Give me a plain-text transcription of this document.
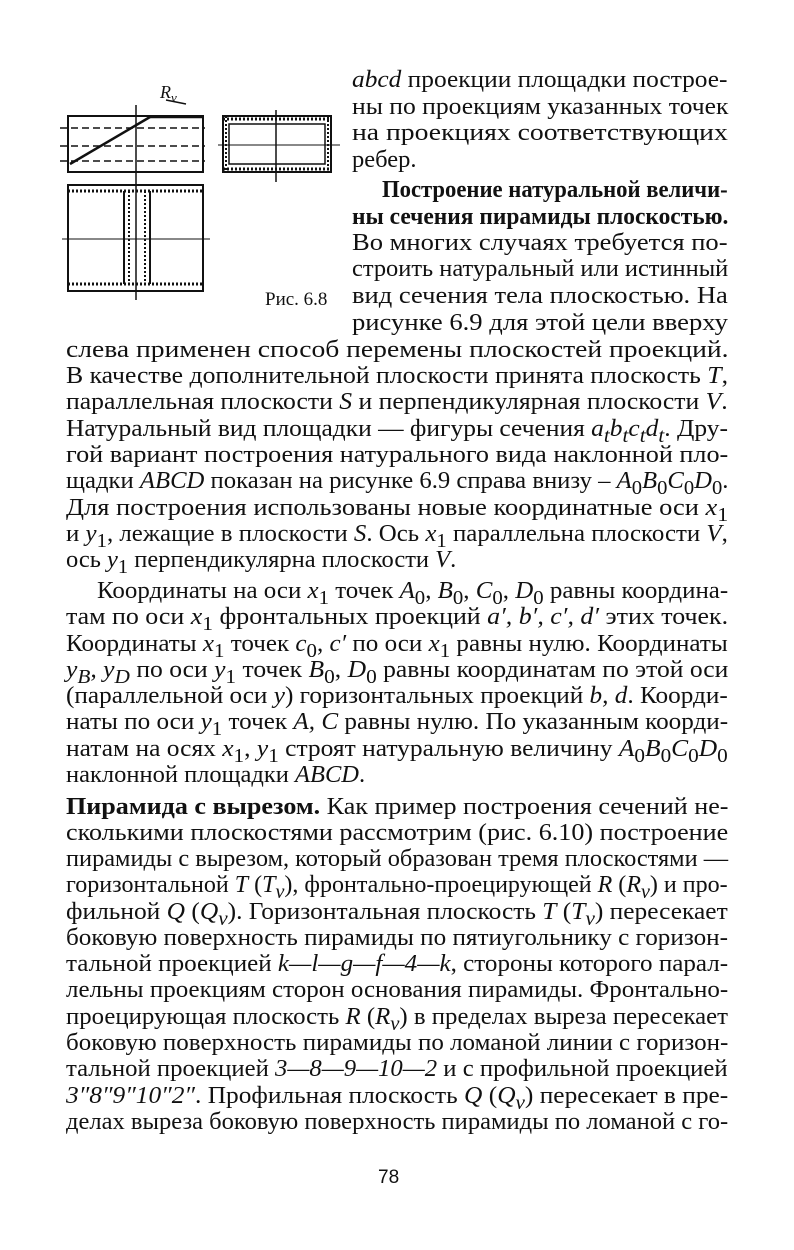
$R_v$
Рис. 6.8
abcd проекции площадки построе-
ны по проекциям указанных точек
на проекциях соответствующих
ребер.
Построение натуральной величи-
ны сечения пирамиды плоскостью.
Во многих случаях требуется по-
строить натуральный или истинный
вид сечения тела плоскостью. На
рисунке 6.9 для этой цели вверху
слева применен способ перемены плоскостей проекций.
В качестве дополнительной плоскости принята плоскость Т,
параллельная плоскости S и перпендикулярная плоскости V.
Натуральный вид площадки — фигуры сечения $a_tb_tc_td_t$. Дру-
гой вариант построения натурального вида наклонной пло-
щадки ABCD показан на рисунке 6.9 справа внизу – $A_0B_0C_0D_0$.
Для построения использованы новые координатные оси $x_1$
и $y_1$, лежащие в плоскости S. Ось $x_1$ параллельна плоскости V,
ось $y_1$ перпендикулярна плоскости V.
Координаты на оси $x_1$ точек $A_0$, $B_0$, $C_0$, $D_0$ равны координа-
там по оси $x_1$ фронтальных проекций a′, b′, c′, d′ этих точек.
Координаты $x_1$ точек $c_0$, c′ по оси $x_1$ равны нулю. Координаты
$y_B$, $y_D$ по оси $y_1$ точек $B_0$, $D_0$ равны координатам по этой оси
(параллельной оси y) горизонтальных проекций b, d. Коорди-
наты по оси $y_1$ точек A, C равны нулю. По указанным коорди-
натам на осях $x_1$, $y_1$ строят натуральную величину $A_0B_0C_0D_0$
наклонной площадки ABCD.
Пирамида с вырезом. Как пример построения сечений не-
сколькими плоскостями рассмотрим (рис. 6.10) построение
пирамиды с вырезом, который образован тремя плоскостями —
горизонтальной T $(T_v)$, фронтально-проецирующей R $(R_v)$ и про-
фильной Q $(Q_v)$. Горизонтальная плоскость T $(T_v)$ пересекает
боковую поверхность пирамиды по пятиугольнику с горизон-
тальной проекцией k—l—g—f—4—k, стороны которого парал-
лельны проекциям сторон основания пирамиды. Фронтально-
проецирующая плоскость R $(R_v)$ в пределах выреза пересекает
боковую поверхность пирамиды по ломаной линии с горизон-
тальной проекцией 3—8—9—10—2 и с профильной проекцией
3″8″9″10″2″. Профильная плоскость Q $(Q_v)$ пересекает в пре-
делах выреза боковую поверхность пирамиды по ломаной с го-
78
